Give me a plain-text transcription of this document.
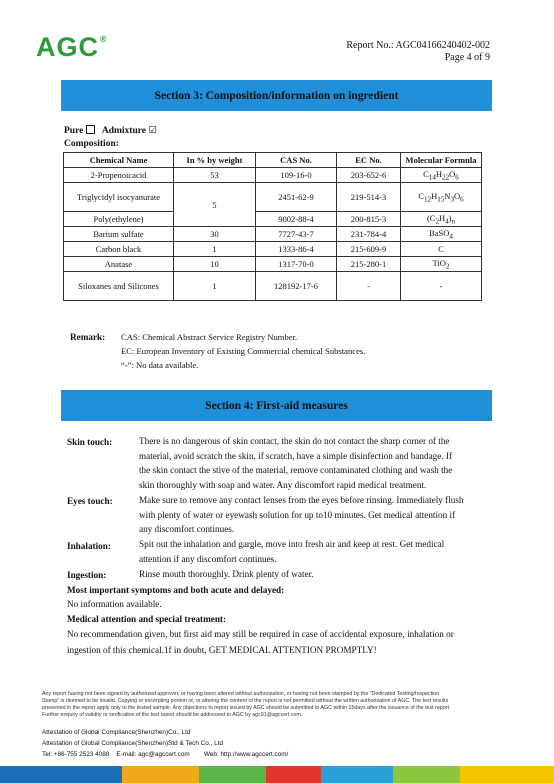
AGC®
Report No.: AGC04166240402-002
Page 4 of 9
Section 3: Composition/information on ingredient
Pure Admixture ☑
Composition:
Chemical Name	In % by weight	CAS No.	EC No.	Molecular Formula
2-Propenoicacid	53	109-16-0	203-652-6	$C_{14}H_{22}O_6$
Triglycidyl isocyanurate	5	2451-62-9	219-514-3	$C_{12}H_{15}N_3O_6$
Poly(ethylene)		9002-88-4	200-815-3	$(C_2H_4)_n$
Barium sulfate	30	7727-43-7	231-784-4	BaSO$_4$
Carbon black	1	1333-86-4	215-609-9	C
Anatase	10	1317-70-0	215-280-1	TiO$_2$
Siloxanes and Silicones	1	128192-17-6	-	-
Remark: CAS: Chemical Abstract Service Registry Number.
EC: European Inventory of Existing Commercial chemical Substances.
“-”: No data available.
Section 4: First-aid measures
Skin touch:	There is no dangerous of skin contact, the skin do not contact the sharp corner of the
material, avoid scratch the skin, if scratch, have a simple disinfection and bandage. If
the skin contact the stive of the material, remove contaminated clothing and wash the
skin thoroughly with soap and water. Any discomfort rapid medical treatment.
Eyes touch:	Make sure to remove any contact lenses from the eyes before rinsing. Immediately flush
with plenty of water or eyewash solution for up to10 minutes. Get medical attention if
any discomfort continues.
Inhalation:	Spit out the inhalation and gargle, move into fresh air and keep at rest. Get medical
attention if any discomfort continues.
Ingestion:	Rinse mouth thoroughly. Drink plenty of water.
Most important symptoms and both acute and delayed:
No information available.
Medical attention and special treatment:
No recommendation given, but first aid may still be required in case of accidental exposure, inhalation or
ingestion of this chemical.1f in doubt, GET MEDICAL ATTENTION PROMPTLY!
Any report having not been signed by authorized approver, or having been altered without authorization, or having not been stamped by the “Dedicated Testing/Inspection
Stamp” is deemed to be invalid. Copying or excerpting portion of, or altering the content of the report is not permitted without the written authorization of AGC. The test results
presented in the report apply only to the tested sample. Any objections to report issued by AGC should be submitted to AGC within 15days after the issuance of the test report.
Further enquiry of validity or verification of the test report should be addressed to AGC by agc01@agccert.com.
Attestation of Global Compliance(Shenzhen)Co., Ltd
Attestation of Global Compliance(Shenzhen)Std & Tech Co., Ltd
Tel: +86-755 2523 4088    E-mail: agc@agccert.com        Web: http://www.agccert.com/
